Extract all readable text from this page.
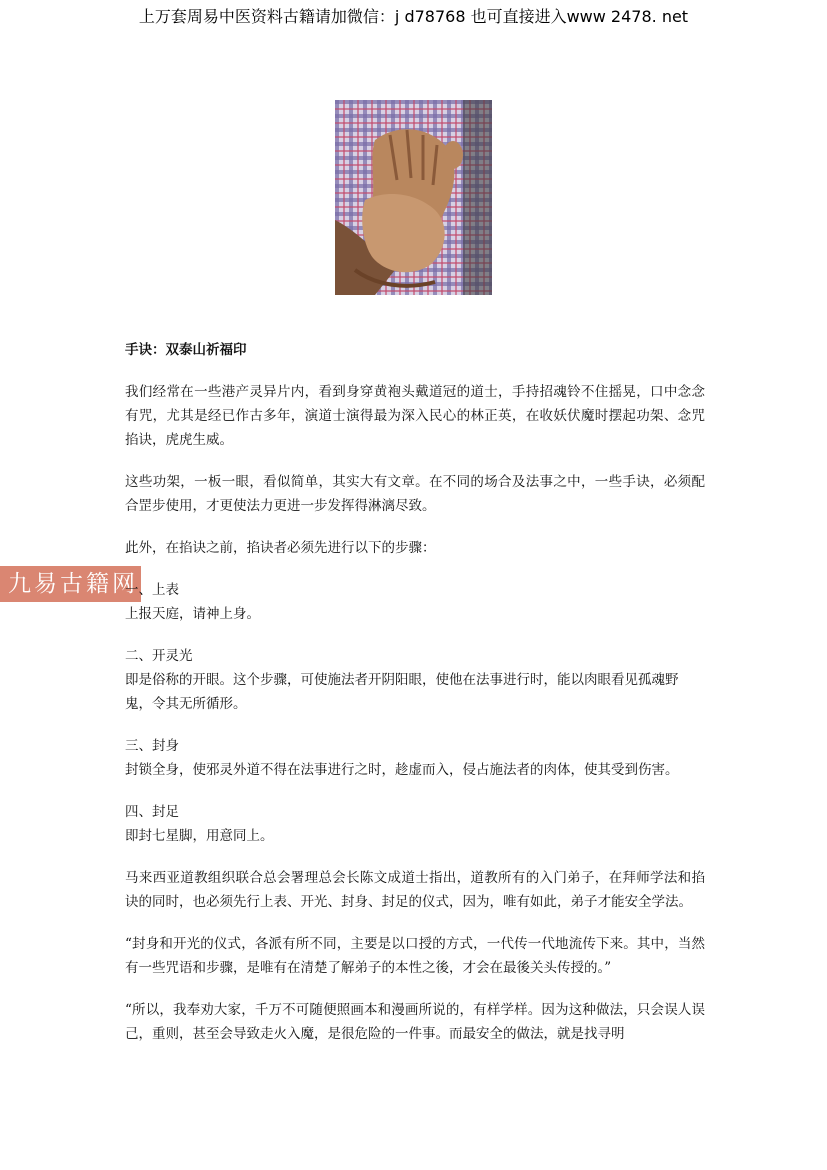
上万套周易中医资料古籍请加微信：j d78768 也可直接进入www 2478. net
九易古籍网

手诀：双泰山祈福印

我们经常在一些港产灵异片内，看到身穿黄袍头戴道冠的道士，手持招魂铃不住摇晃，口中念念有咒，尤其是经已作古多年，演道士演得最为深入民心的林正英，在收妖伏魔时摆起功架、念咒掐诀，虎虎生威。

这些功架，一板一眼，看似简单，其实大有文章。在不同的场合及法事之中，一些手诀，必须配合罡步使用，才更使法力更进一步发挥得淋漓尽致。

此外，在掐诀之前，掐诀者必须先进行以下的步骤：

一、上表
上报天庭，请神上身。
二、开灵光
即是俗称的开眼。这个步骤，可使施法者开阴阳眼，使他在法事进行时，能以肉眼看见孤魂野鬼，令其无所循形。
三、封身
封锁全身，使邪灵外道不得在法事进行之时，趁虚而入，侵占施法者的肉体，使其受到伤害。
四、封足
即封七星脚，用意同上。

马来西亚道教组织联合总会署理总会长陈文成道士指出，道教所有的入门弟子，在拜师学法和掐诀的同时，也必须先行上表、开光、封身、封足的仪式，因为，唯有如此，弟子才能安全学法。

“封身和开光的仪式，各派有所不同，主要是以口授的方式，一代传一代地流传下来。其中，当然有一些咒语和步骤，是唯有在清楚了解弟子的本性之後，才会在最後关头传授的。”

“所以，我奉劝大家，千万不可随便照画本和漫画所说的，有样学样。因为这种做法，只会误人误己，重则，甚至会导致走火入魔，是很危险的一件事。而最安全的做法，就是找寻明
